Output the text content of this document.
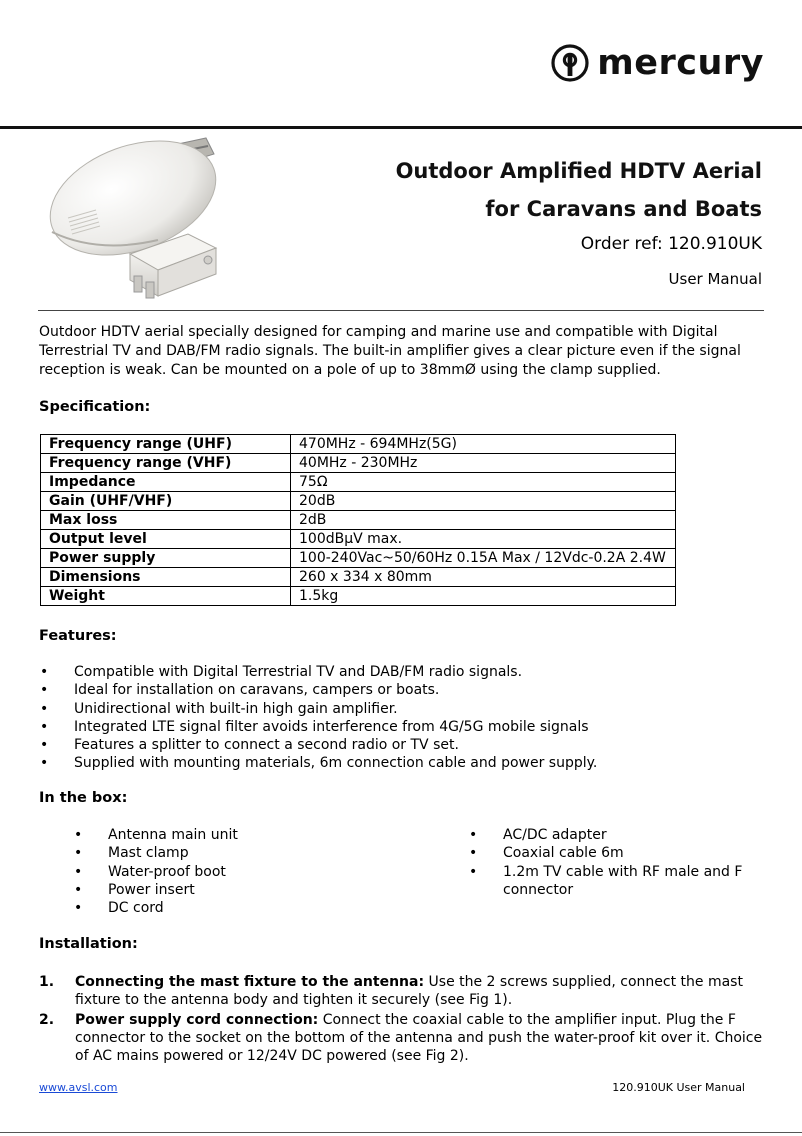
mercury
Outdoor Amplified HDTV Aerial
for Caravans and Boats
Order ref: 120.910UK
User Manual
Outdoor HDTV aerial specially designed for camping and marine use and compatible with Digital Terrestrial TV and DAB/FM radio signals. The built-in amplifier gives a clear picture even if the signal reception is weak. Can be mounted on a pole of up to 38mmØ using the clamp supplied.
Specification:
Frequency range (UHF)	470MHz - 694MHz(5G)
Frequency range (VHF)	40MHz - 230MHz
Impedance	75Ω
Gain (UHF/VHF)	20dB
Max loss	2dB
Output level	100dBµV max.
Power supply	100-240Vac~50/60Hz 0.15A Max / 12Vdc-0.2A 2.4W
Dimensions	260 x 334 x 80mm
Weight	1.5kg
Features:
• Compatible with Digital Terrestrial TV and DAB/FM radio signals.
• Ideal for installation on caravans, campers or boats.
• Unidirectional with built-in high gain amplifier.
• Integrated LTE signal filter avoids interference from 4G/5G mobile signals
• Features a splitter to connect a second radio or TV set.
• Supplied with mounting materials, 6m connection cable and power supply.
In the box:
• Antenna main unit
• Mast clamp
• Water-proof boot
• Power insert
• DC cord
• AC/DC adapter
• Coaxial cable 6m
• 1.2m TV cable with RF male and F connector
Installation:
1. Connecting the mast fixture to the antenna: Use the 2 screws supplied, connect the mast fixture to the antenna body and tighten it securely (see Fig 1).
2. Power supply cord connection: Connect the coaxial cable to the amplifier input. Plug the F connector to the socket on the bottom of the antenna and push the water-proof kit over it. Choice of AC mains powered or 12/24V DC powered (see Fig 2).
www.avsl.com	120.910UK User Manual
